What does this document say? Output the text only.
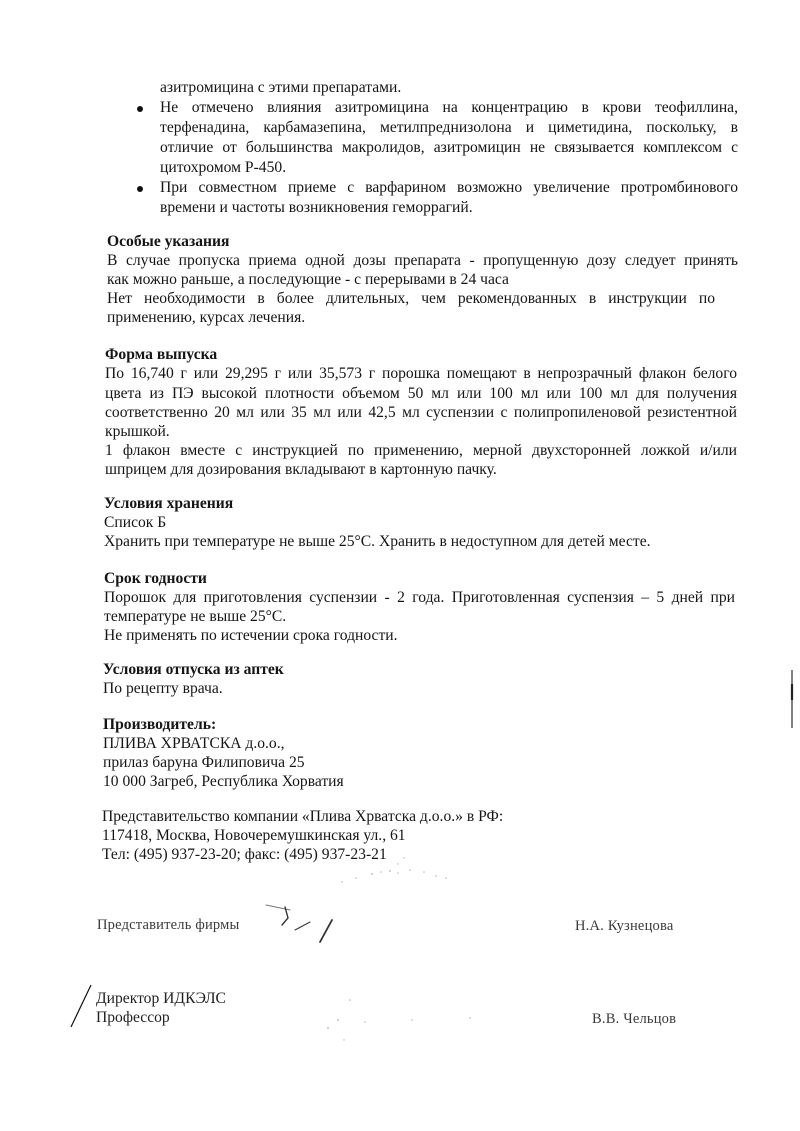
азитромицина с этими препаратами.
Не отмечено влияния азитромицина на концентрацию в крови теофиллина,
терфенадина, карбамазепина, метилпреднизолона и циметидина, поскольку, в
отличие от большинства макролидов, азитромицин не связывается комплексом с
цитохромом Р-450.
При совместном приеме с варфарином возможно увеличение протромбинового
времени и частоты возникновения геморрагий.
Особые указания
В случае пропуска приема одной дозы препарата - пропущенную дозу следует принять
как можно раньше, а последующие - с перерывами в 24 часа
Нет необходимости в более длительных, чем рекомендованных в инструкции по
применению, курсах лечения.
Форма выпуска
По 16,740 г или 29,295 г или 35,573 г порошка помещают в непрозрачный флакон белого
цвета из ПЭ высокой плотности объемом 50 мл или 100 мл или 100 мл для получения
соответственно 20 мл или 35 мл или 42,5 мл суспензии с полипропиленовой резистентной
крышкой.
1 флакон вместе с инструкцией по применению, мерной двухсторонней ложкой и/или
шприцем для дозирования вкладывают в картонную пачку.
Условия хранения
Список Б
Хранить при температуре не выше 25°С. Хранить в недоступном для детей месте.
Срок годности
Порошок для приготовления суспензии - 2 года. Приготовленная суспензия – 5 дней при
температуре не выше 25°С.
Не применять по истечении срока годности.
Условия отпуска из аптек
По рецепту врача.
Производитель:
ПЛИВА ХРВАТСКА д.о.о.,
прилаз баруна Филиповича 25
10 000 Загреб, Республика Хорватия
Представительство компании «Плива Хрватска д.о.о.» в РФ:
117418, Москва, Новочеремушкинская ул., 61
Тел: (495) 937-23-20; факс: (495) 937-23-21
Представитель фирмы	Н.А. Кузнецова
Директор ИДКЭЛС
Профессор	В.В. Чельцов
